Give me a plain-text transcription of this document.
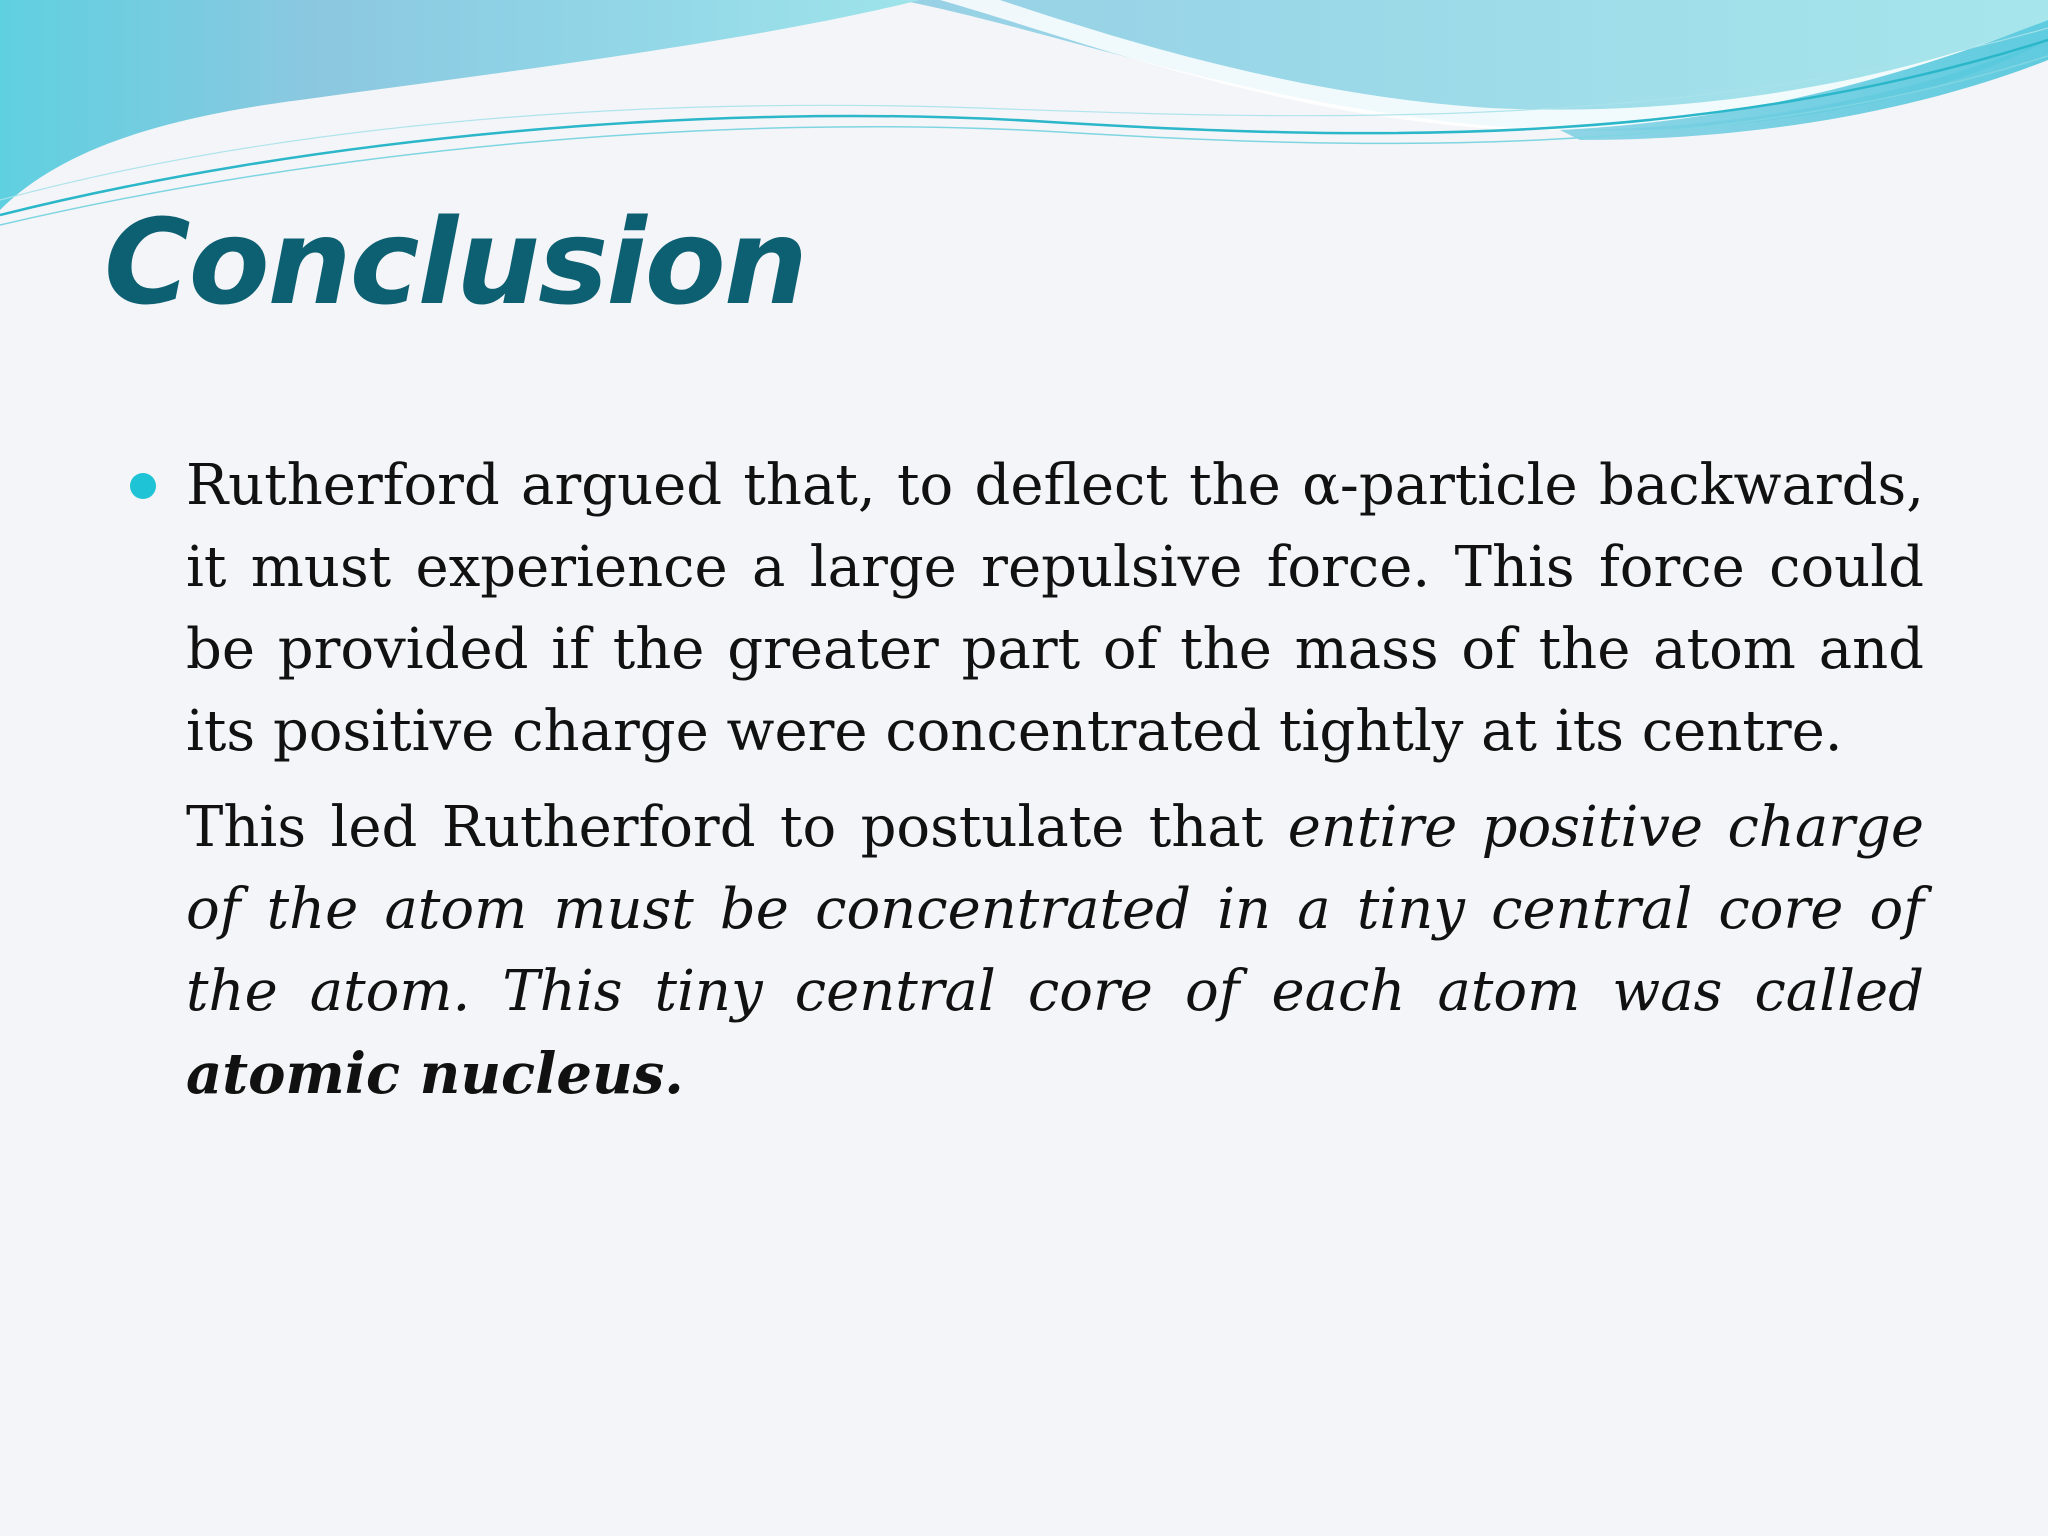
Conclusion

Rutherford argued that, to deflect the α-particle backwards, it must experience a large repulsive force. This force could be provided if the greater part of the mass of the atom and its positive charge were concentrated tightly at its centre.

This led Rutherford to postulate that entire positive charge of the atom must be concentrated in a tiny central core of the atom. This tiny central core of each atom was called atomic nucleus.
